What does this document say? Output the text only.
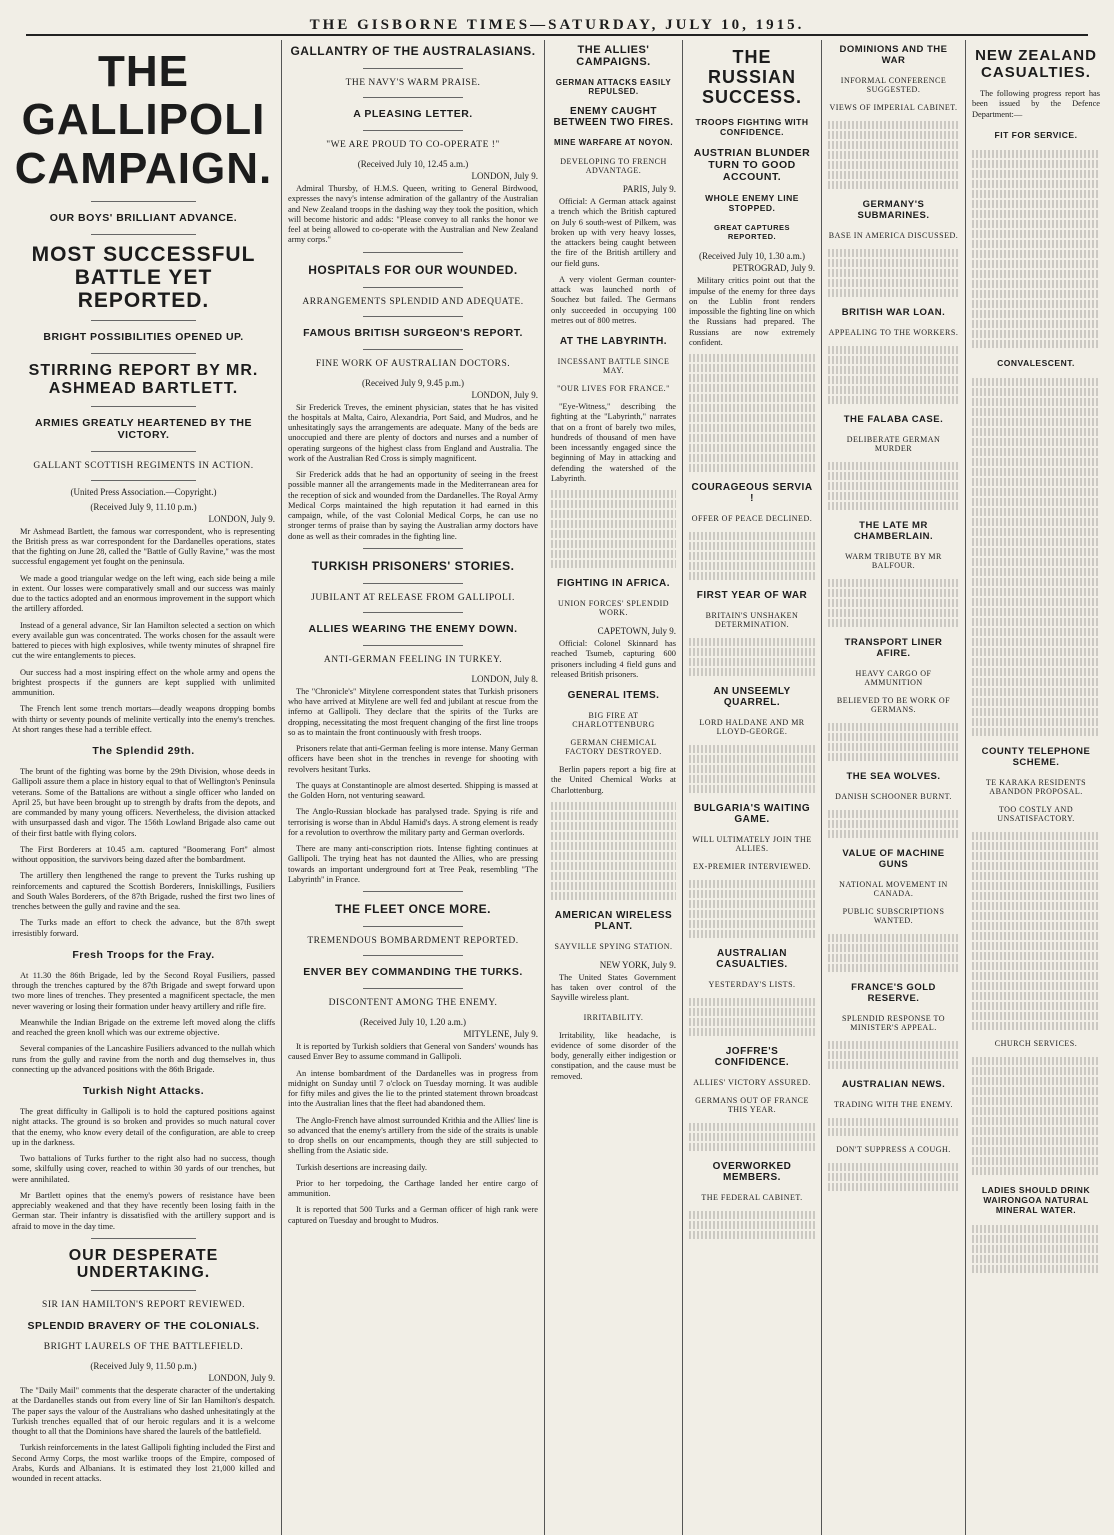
THE GISBORNE TIMES—SATURDAY, JULY 10, 1915.
THE GALLIPOLI CAMPAIGN.
OUR BOYS' BRILLIANT ADVANCE.
MOST SUCCESSFUL BATTLE YET REPORTED.
BRIGHT POSSIBILITIES OPENED UP.
STIRRING REPORT BY MR. ASHMEAD BARTLETT.
ARMIES GREATLY HEARTENED BY THE VICTORY.
GALLANT SCOTTISH REGIMENTS IN ACTION.
(United Press Association.—Copyright.)
(Received July 9, 11.10 p.m.)
LONDON, July 9.

Mr Ashmead Bartlett, the famous war correspondent, who is representing the British press as war correspondent for the Dardanelles operations, states that the fighting on June 28, called the "Battle of Gully Ravine," was the most successful engagement yet fought on the peninsula.

We made a good triangular wedge on the left wing, each side being a mile in extent. Our losses were comparatively small and our success was mainly due to the tactics adopted and an enormous improvement in the support which the artillery afforded.

Instead of a general advance, Sir Ian Hamilton selected a section on which every available gun was concentrated. The works chosen for the assault were battered to pieces with high explosives, while twenty minutes of shrapnel fire cut the wire entanglements to pieces.

Our success had a most inspiring effect on the whole army and opens the brightest prospects if the gunners are kept supplied with unlimited ammunition.

The French lent some trench mortars—deadly weapons dropping bombs with thirty or seventy pounds of melinite vertically into the enemy's trenches. At short ranges these had a terrible effect.

The Splendid 29th.

The brunt of the fighting was borne by the 29th Division, whose deeds in Gallipoli assure them a place in history equal to that of Wellington's Peninsula veterans. Some of the Battalions are without a single officer who landed on April 25, but have been brought up to strength by drafts from the depots, and are commanded by many young officers. Nevertheless, the division attacked with unsurpassed dash and vigor. The 156th Lowland Brigade also came out of their first battle with flying colors.

The First Borderers at 10.45 a.m. captured "Boomerang Fort" almost without opposition, the survivors being dazed after the bombardment.

The artillery then lengthened the range to prevent the Turks rushing up reinforcements and captured the Scottish Borderers, Inniskillings, Fusiliers and South Wales Borderers, of the 87th Brigade, rushed the first two lines of trenches between the gully and ravine and the sea.

The Turks made an effort to check the advance, but the 87th swept irresistibly forward.

Fresh Troops for the Fray.

At 11.30 the 86th Brigade, led by the Second Royal Fusiliers, passed through the trenches captured by the 87th Brigade and swept forward upon two more lines of trenches. They presented a magnificent spectacle, the men never wavering or losing their formation under heavy artillery and rifle fire.

Meanwhile the Indian Brigade on the extreme left moved along the cliffs and reached the green knoll which was our extreme objective.

Several companies of the Lancashire Fusiliers advanced to the nullah which runs from the gully and ravine from the north and dug themselves in, thus connecting up the advanced positions with the 86th Brigade.

Turkish Night Attacks.

The great difficulty in Gallipoli is to hold the captured positions against night attacks. The ground is so broken and provides so much natural cover that the enemy, who know every detail of the configuration, are able to creep up in the darkness.

Two battalions of Turks further to the right also had no success, though some, skilfully using cover, reached to within 30 yards of our trenches, but were annihilated.

Mr Bartlett opines that the enemy's powers of resistance have been appreciably weakened and that they have recently been losing faith in the German star. Their infantry is dissatisfied with the artillery support and is afraid to move in the day time.

OUR DESPERATE UNDERTAKING.
SIR IAN HAMILTON'S REPORT REVIEWED.
SPLENDID BRAVERY OF THE COLONIALS.
BRIGHT LAURELS OF THE BATTLEFIELD.
(Received July 9, 11.50 p.m.)
LONDON, July 9.

The "Daily Mail" comments that the desperate character of the undertaking at the Dardanelles stands out from every line of Sir Ian Hamilton's despatch. The paper says the valour of the Australians who dashed unhesitatingly at the Turkish trenches equalled that of our heroic regulars and it is a welcome thought to all that the Dominions have shared the laurels of the battlefield.

Turkish reinforcements in the latest Gallipoli fighting included the First and Second Army Corps, the most warlike troops of the Empire, composed of Arabs, Kurds and Albanians. It is estimated they lost 21,000 killed and wounded in recent attacks.

GALLANTRY OF THE AUSTRALASIANS.
THE NAVY'S WARM PRAISE.
A PLEASING LETTER.
"WE ARE PROUD TO CO-OPERATE !"
(Received July 10, 12.45 a.m.)
LONDON, July 9.

Admiral Thursby, of H.M.S. Queen, writing to General Birdwood, expresses the navy's intense admiration of the gallantry of the Australian and New Zealand troops in the dashing way they took the position, which will become historic and adds: "Please convey to all ranks the honor we feel at being allowed to co-operate with the Australian and New Zealand army corps."

HOSPITALS FOR OUR WOUNDED.
ARRANGEMENTS SPLENDID AND ADEQUATE.
FAMOUS BRITISH SURGEON'S REPORT.
FINE WORK OF AUSTRALIAN DOCTORS.
(Received July 9, 9.45 p.m.)
LONDON, July 9.

Sir Frederick Treves, the eminent physician, states that he has visited the hospitals at Malta, Cairo, Alexandria, Port Said, and Mudros, and he unhesitatingly says the arrangements are adequate. Many of the beds are unoccupied and there are plenty of doctors and nurses and a number of operating surgeons of the highest class from England and Australia. The work of the Australian Red Cross is simply magnificent.

Sir Frederick adds that he had an opportunity of seeing in the freest possible manner all the arrangements made in the Mediterranean area for the reception of sick and wounded from the Dardanelles. The Royal Army Medical Corps maintained the high reputation it had earned in this campaign, while, of the vast Colonial Medical Corps, he can use no stronger terms of praise than by saying the Australian army doctors have done as well as their comrades in the fighting line.

TURKISH PRISONERS' STORIES.
JUBILANT AT RELEASE FROM GALLIPOLI.
ALLIES WEARING THE ENEMY DOWN.
ANTI-GERMAN FEELING IN TURKEY.
LONDON, July 8.

The "Chronicle's" Mitylene correspondent states that Turkish prisoners who have arrived at Mitylene are well fed and jubilant at rescue from the inferno at Gallipoli. They declare that the spirits of the Turks are dropping, necessitating the most frequent changing of the first line troops so as to maintain the front continuously with fresh troops.

Prisoners relate that anti-German feeling is more intense. Many German officers have been shot in the trenches in revenge for shooting with revolvers hesitant Turks.

The quays at Constantinople are almost deserted. Shipping is massed at the Golden Horn, not venturing seaward.

The Anglo-Russian blockade has paralysed trade. Spying is rife and terrorising is worse than in Abdul Hamid's days. A strong element is ready for a revolution to overthrow the military party and German overlords.

There are many anti-conscription riots. Intense fighting continues at Gallipoli. The trying heat has not daunted the Allies, who are pressing towards an important underground fort at Tree Peak, resembling "The Labyrinth" in France.

THE FLEET ONCE MORE.
TREMENDOUS BOMBARDMENT REPORTED.
ENVER BEY COMMANDING THE TURKS.
DISCONTENT AMONG THE ENEMY.
(Received July 10, 1.20 a.m.)
MITYLENE, July 9.

It is reported by Turkish soldiers that General von Sanders' wounds has caused Enver Bey to assume command in Gallipoli.

An intense bombardment of the Dardanelles was in progress from midnight on Sunday until 7 o'clock on Tuesday morning. It was audible for fifty miles and gives the lie to the printed statement thrown broadcast into the Australian lines that the fleet had abandoned them.

The Anglo-French have almost surrounded Krithia and the Allies' line is so advanced that the enemy's artillery from the side of the straits is unable to drop shells on our encampments, though they are still subjected to shelling from the Asiatic side.

Turkish desertions are increasing daily.

Prior to her torpedoing, the Carthage landed her entire cargo of ammunition.

It is reported that 500 Turks and a German officer of high rank were captured on Tuesday and brought to Mudros.

THE ALLIES' CAMPAIGNS.
GERMAN ATTACKS EASILY REPULSED.
ENEMY CAUGHT BETWEEN TWO FIRES.
MINE WARFARE AT NOYON.
DEVELOPING TO FRENCH ADVANTAGE.
PARIS, July 9.

Official: A German attack against a trench which the British captured on July 6 south-west of Pilkem, was broken up with very heavy losses, the attackers being caught between the fire of the British artillery and our field guns.

A very violent German counter-attack was launched north of Souchez but failed. The Germans only succeeded in occupying 100 metres out of 800 metres.

AT THE LABYRINTH.
INCESSANT BATTLE SINCE MAY.
"OUR LIVES FOR FRANCE."

"Eye-Witness," describing the fighting at the "Labyrinth," narrates that on a front of barely two miles, hundreds of thousand of men have been incessantly engaged since the beginning of May in attacking and defending the watershed of the Labyrinth.

FIGHTING IN AFRICA.
UNION FORCES' SPLENDID WORK.
CAPETOWN, July 9.

Official: Colonel Skinnard has reached Tsumeb, capturing 600 prisoners including 4 field guns and released British prisoners.

GENERAL ITEMS.
BIG FIRE AT CHARLOTTENBURG
GERMAN CHEMICAL FACTORY DESTROYED.

Berlin papers report a big fire at the United Chemical Works at Charlottenburg.

AMERICAN WIRELESS PLANT.
SAYVILLE SPYING STATION.
NEW YORK, July 9.

The United States Government has taken over control of the Sayville wireless plant.

IRRITABILITY.

Irritability, like headache, is evidence of some disorder of the body, generally either indigestion or constipation, and the cause must be removed.

THE RUSSIAN SUCCESS.
TROOPS FIGHTING WITH CONFIDENCE.
AUSTRIAN BLUNDER TURN TO GOOD ACCOUNT.
WHOLE ENEMY LINE STOPPED.
GREAT CAPTURES REPORTED.
(Received July 10, 1.30 a.m.)
PETROGRAD, July 9.

Military critics point out that the impulse of the enemy for three days on the Lublin front renders impossible the fighting line on which the Russians had prepared. The Russians are now extremely confident.

COURAGEOUS SERVIA !
OFFER OF PEACE DECLINED.
FIRST YEAR OF WAR
BRITAIN'S UNSHAKEN DETERMINATION.
AN UNSEEMLY QUARREL.
LORD HALDANE AND MR LLOYD-GEORGE.
BULGARIA'S WAITING GAME.
WILL ULTIMATELY JOIN THE ALLIES.
EX-PREMIER INTERVIEWED.
AUSTRALIAN CASUALTIES.
YESTERDAY'S LISTS.
JOFFRE'S CONFIDENCE.
ALLIES' VICTORY ASSURED.
GERMANS OUT OF FRANCE THIS YEAR.
OVERWORKED MEMBERS.
THE FEDERAL CABINET.
DOMINIONS AND THE WAR
INFORMAL CONFERENCE SUGGESTED.
VIEWS OF IMPERIAL CABINET.
GERMANY'S SUBMARINES.
BASE IN AMERICA DISCUSSED.
BRITISH WAR LOAN.
APPEALING TO THE WORKERS.
THE FALABA CASE.
DELIBERATE GERMAN MURDER
THE LATE MR CHAMBERLAIN.
WARM TRIBUTE BY MR BALFOUR.
TRANSPORT LINER AFIRE.
HEAVY CARGO OF AMMUNITION
BELIEVED TO BE WORK OF GERMANS.
THE SEA WOLVES.
DANISH SCHOONER BURNT.
VALUE OF MACHINE GUNS
NATIONAL MOVEMENT IN CANADA.
PUBLIC SUBSCRIPTIONS WANTED.
FRANCE'S GOLD RESERVE.
SPLENDID RESPONSE TO MINISTER'S APPEAL.
AUSTRALIAN NEWS.
TRADING WITH THE ENEMY.
DON'T SUPPRESS A COUGH.
NEW ZEALAND CASUALTIES.

The following progress report has been issued by the Defence Department:—

FIT FOR SERVICE.
CONVALESCENT.
COUNTY TELEPHONE SCHEME.
TE KARAKA RESIDENTS ABANDON PROPOSAL.
TOO COSTLY AND UNSATISFACTORY.
CHURCH SERVICES.
LADIES SHOULD DRINK WAIRONGOA NATURAL MINERAL WATER.
